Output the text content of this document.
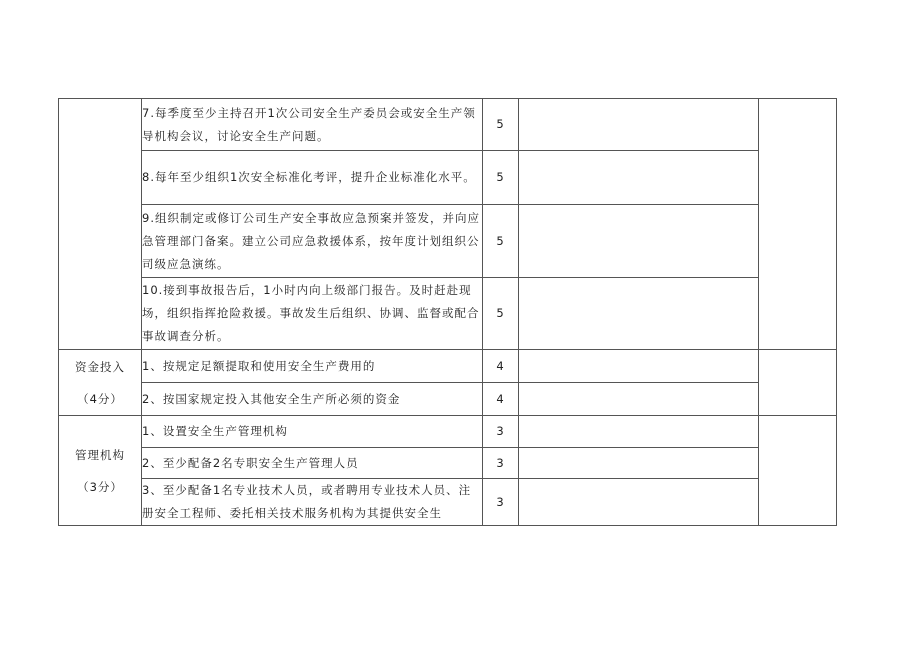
	7.每季度至少主持召开1次公司安全生产委员会或安全生产领导机构会议，讨论安全生产问题。	5		
	8.每年至少组织1次安全标准化考评，提升企业标准化水平。	5		
	9.组织制定或修订公司生产安全事故应急预案并签发，并向应急管理部门备案。建立公司应急救援体系，按年度计划组织公司级应急演练。	5		
	10.接到事故报告后，1小时内向上级部门报告。及时赶赴现场，组织指挥抢险救援。事故发生后组织、协调、监督或配合事故调查分析。	5		

资金投入
（4分）	1、按规定足额提取和使用安全生产费用的	4		
	2、按国家规定投入其他安全生产所必须的资金	4		

管理机构
（3分）	1、设置安全生产管理机构	3		
	2、至少配备2名专职安全生产管理人员	3		
	3、至少配备1名专业技术人员，或者聘用专业技术人员、注册安全工程师、委托相关技术服务机构为其提供安全生	3		
